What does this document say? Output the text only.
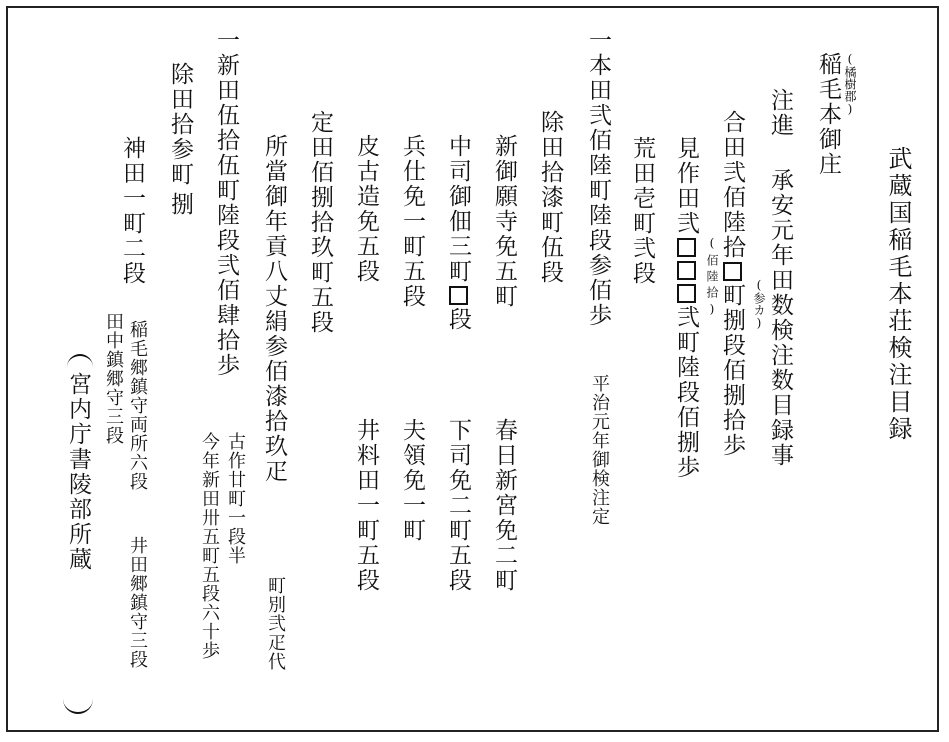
武蔵国稲毛本荘検注目録
(橘樹郡)
稲毛本御庄
注進
承安元年田数検注数目録事
(参カ)
合田弐佰陸拾町捌段佰捌拾歩
(佰陸拾)
見作田弐弐町陸段佰捌歩
荒田壱町弐段
一本田弐佰陸町陸段参佰歩
平治元年御検注定
除田拾漆町伍段
新御願寺免五町
春日新宮免二町
中司御佃三町段
下司免二町五段
兵仕免一町五段
夫領免一町
皮古造免五段
井料田一町五段
定田佰捌拾玖町五段
所當御年貢八丈絹参佰漆拾玖疋
町別弐疋代
一新田伍拾伍町陸段弐佰肆拾歩
古作廿町一段半
今年新田卅五町五段六十歩
除田拾参町
捌
神田一町二段
稲毛郷鎮守両所六段
田中鎮郷守三段
井田郷鎮守三段
宮内庁書陵部所蔵
